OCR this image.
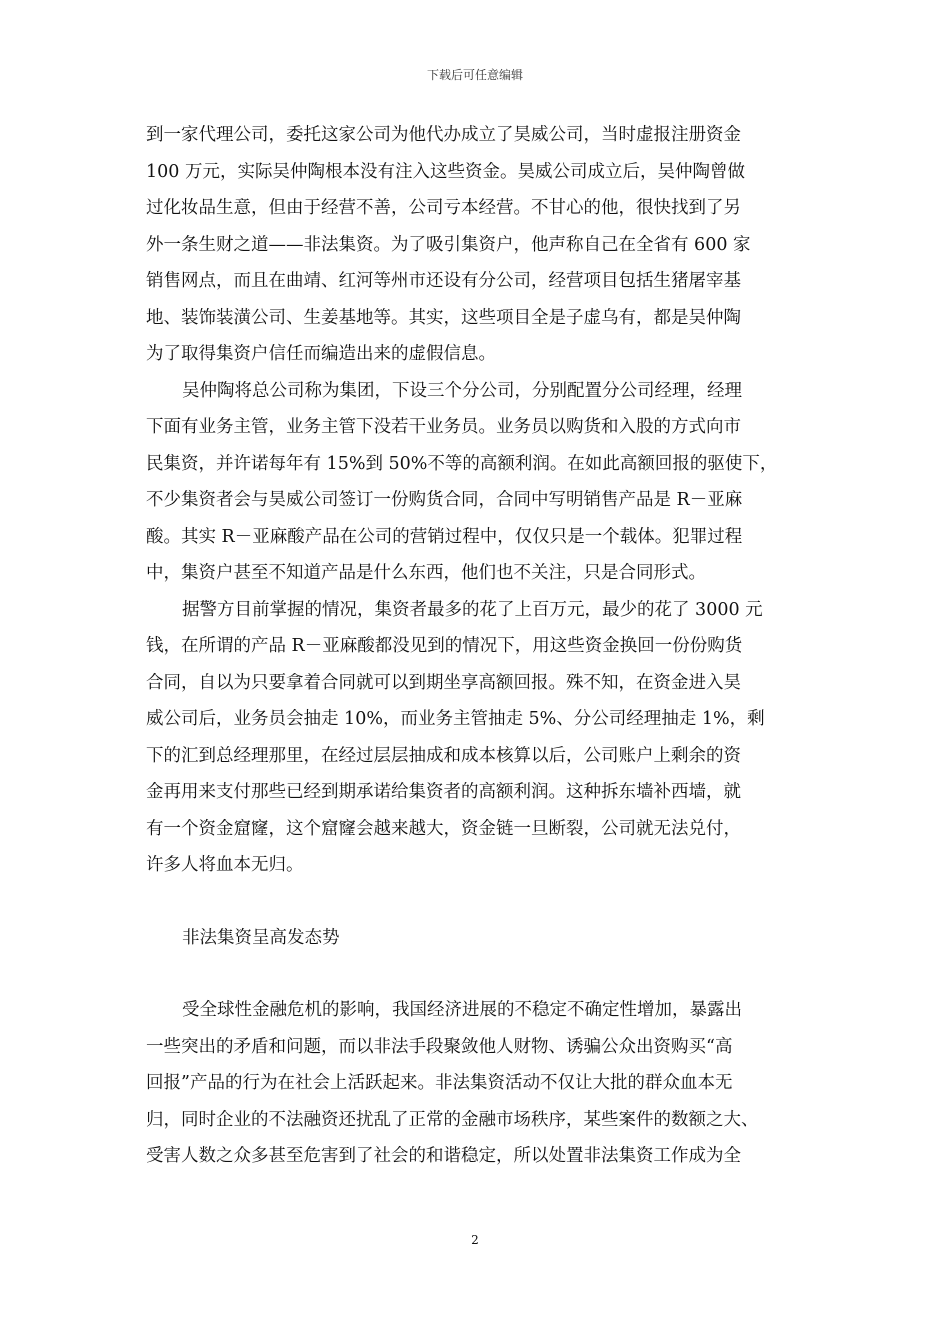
下载后可任意编辑
到一家代理公司，委托这家公司为他代办成立了昊威公司，当时虚报注册资金
100 万元，实际吴仲陶根本没有注入这些资金。昊威公司成立后，吴仲陶曾做
过化妆品生意，但由于经营不善，公司亏本经营。不甘心的他，很快找到了另
外一条生财之道——非法集资。为了吸引集资户，他声称自己在全省有 600 家
销售网点，而且在曲靖、红河等州市还设有分公司，经营项目包括生猪屠宰基
地、装饰装潢公司、生姜基地等。其实，这些项目全是子虚乌有，都是吴仲陶
为了取得集资户信任而编造出来的虚假信息。
吴仲陶将总公司称为集团，下设三个分公司，分别配置分公司经理，经理
下面有业务主管，业务主管下没若干业务员。业务员以购货和入股的方式向市
民集资，并许诺每年有 15%到 50%不等的高额利润。在如此高额回报的驱使下，
不少集资者会与昊威公司签订一份购货合同，合同中写明销售产品是 R－亚麻
酸。其实 R－亚麻酸产品在公司的营销过程中，仅仅只是一个载体。犯罪过程
中，集资户甚至不知道产品是什么东西，他们也不关注，只是合同形式。
据警方目前掌握的情况，集资者最多的花了上百万元，最少的花了 3000 元
钱，在所谓的产品 R－亚麻酸都没见到的情况下，用这些资金换回一份份购货
合同，自以为只要拿着合同就可以到期坐享高额回报。殊不知，在资金进入昊
威公司后，业务员会抽走 10%，而业务主管抽走 5%、分公司经理抽走 1%，剩
下的汇到总经理那里，在经过层层抽成和成本核算以后，公司账户上剩余的资
金再用来支付那些已经到期承诺给集资者的高额利润。这种拆东墙补西墙，就
有一个资金窟窿，这个窟窿会越来越大，资金链一旦断裂，公司就无法兑付，
许多人将血本无归。
非法集资呈高发态势
受全球性金融危机的影响，我国经济进展的不稳定不确定性增加，暴露出
一些突出的矛盾和问题，而以非法手段聚敛他人财物、诱骗公众出资购买“高
回报”产品的行为在社会上活跃起来。非法集资活动不仅让大批的群众血本无
归，同时企业的不法融资还扰乱了正常的金融市场秩序，某些案件的数额之大、
受害人数之众多甚至危害到了社会的和谐稳定，所以处置非法集资工作成为全
2
